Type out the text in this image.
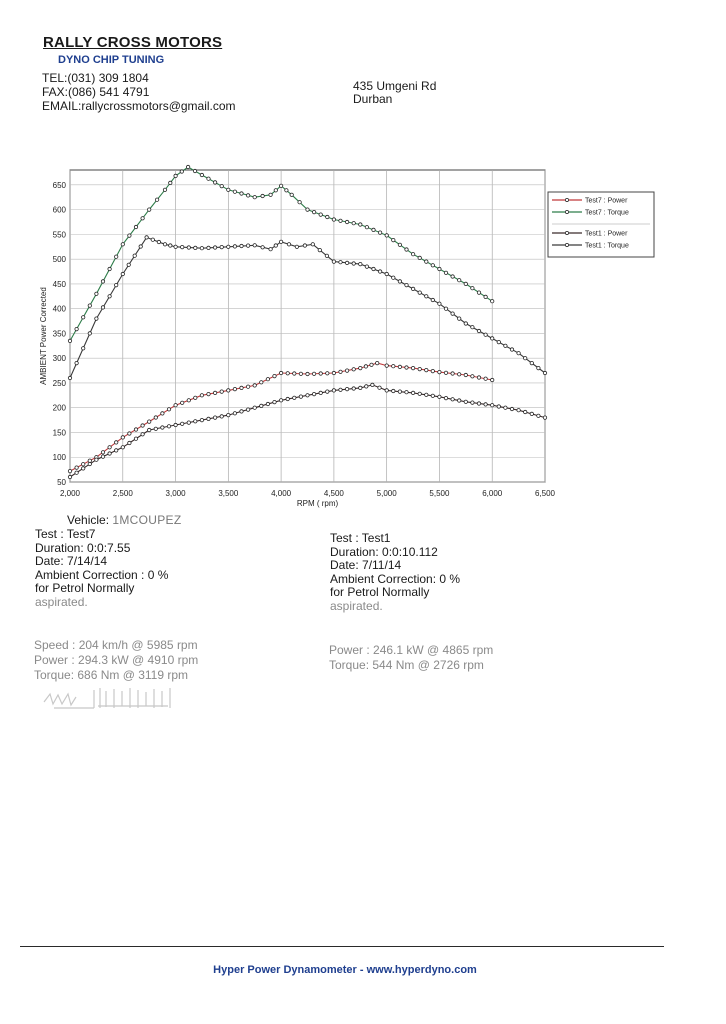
RALLY CROSS MOTORS
DYNO CHIP TUNING
TEL:(031) 309 1804
FAX:(086) 541 4791
EMAIL:rallycrossmotors@gmail.com
435 Umgeni Rd
Durban
2,000	2,500	3,000	3,500	4,000	4,500	5,000	5,500	6,000	6,500
50
100
150
200
250
300
350
400
450
500
550
600
650
RPM ( rpm)
AMBIENT Power Corrected
Test7 : Power
Test7 : Torque
Test1 : Power
Test1 : Torque
Vehicle: 1MCOUPEZ
Test : Test7
Duration: 0:0:7.55
Date: 7/14/14
Ambient Correction : 0 %
for Petrol Normally
aspirated.
Speed : 204 km/h @ 5985 rpm
Power : 294.3 kW @ 4910 rpm
Torque: 686 Nm @ 3119 rpm
Test : Test1
Duration: 0:0:10.112
Date: 7/11/14
Ambient Correction: 0 %
for Petrol Normally
aspirated.
Power : 246.1 kW @ 4865 rpm
Torque: 544 Nm @ 2726 rpm
Hyper Power Dynamometer - www.hyperdyno.com
